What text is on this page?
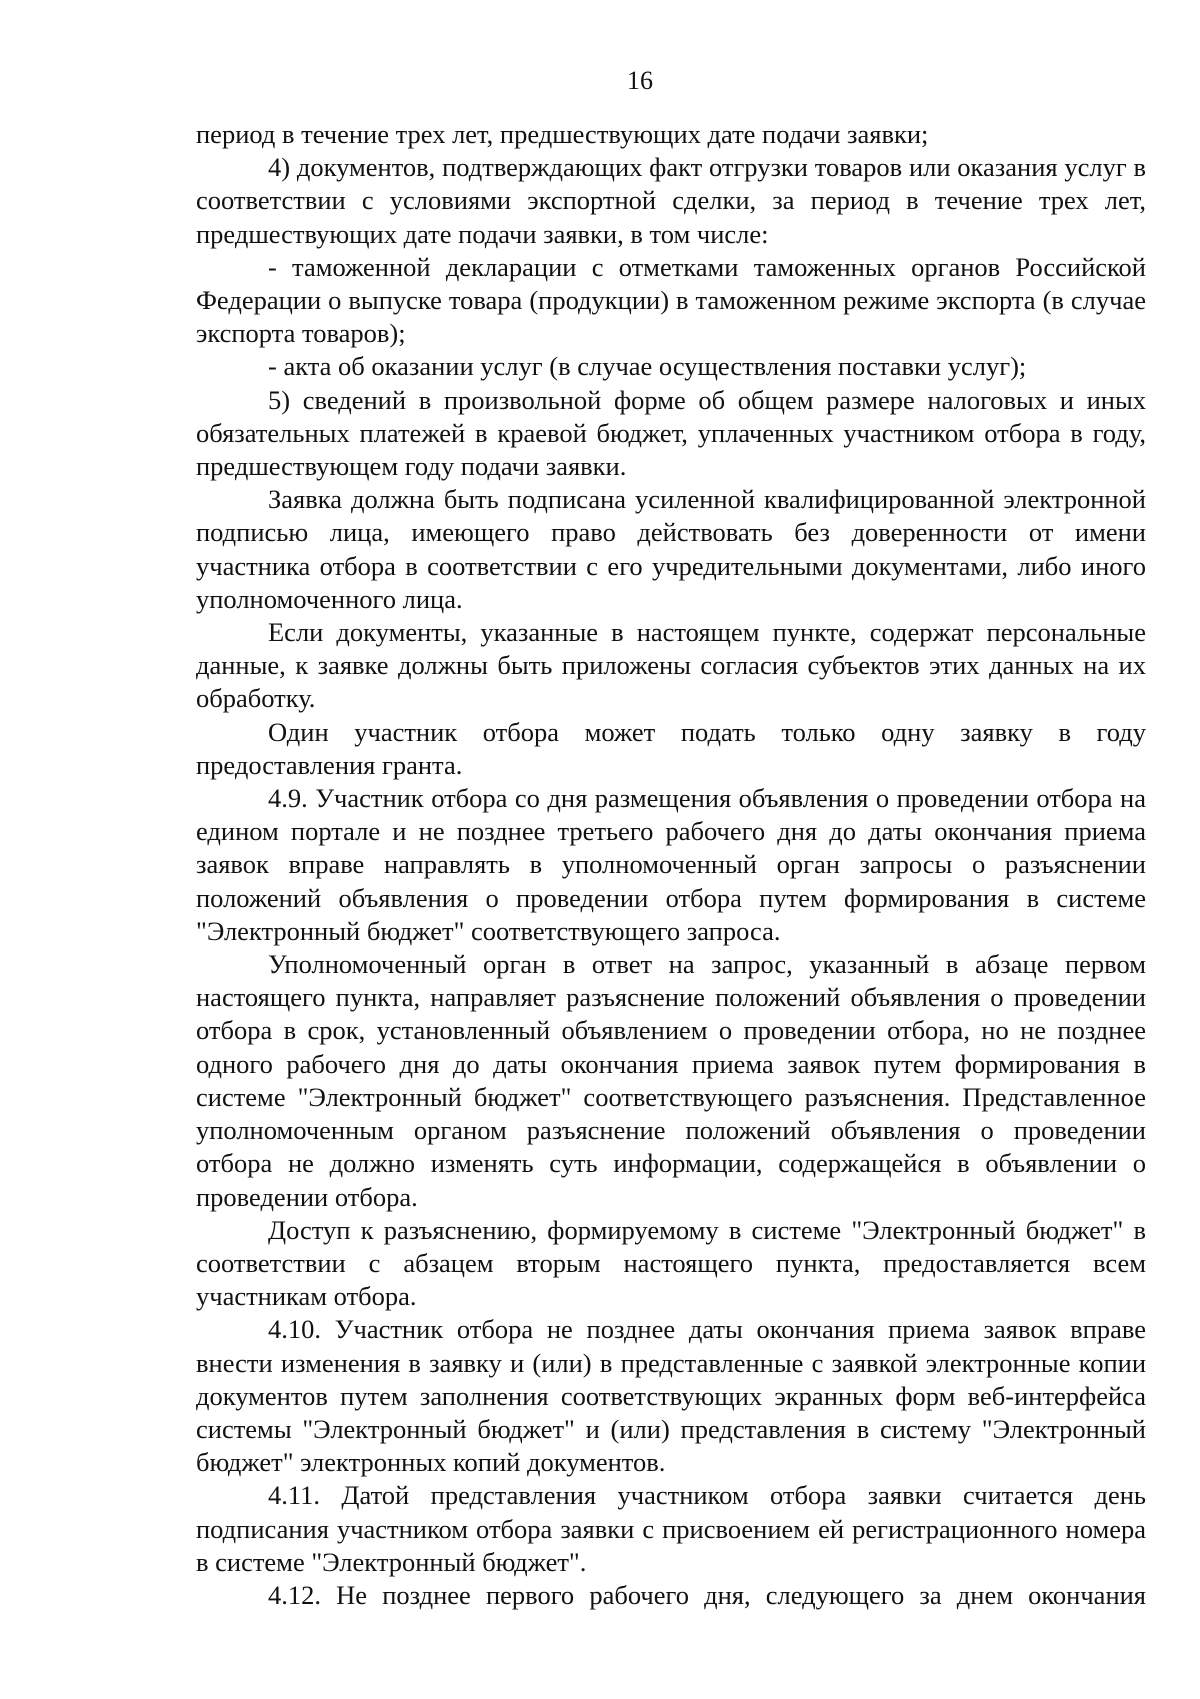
16

период в течение трех лет, предшествующих дате подачи заявки;

4) документов, подтверждающих факт отгрузки товаров или оказания услуг в соответствии с условиями экспортной сделки, за период в течение трех лет, предшествующих дате подачи заявки, в том числе:

- таможенной декларации с отметками таможенных органов Российской Федерации о выпуске товара (продукции) в таможенном режиме экспорта (в случае экспорта товаров);

- акта об оказании услуг (в случае осуществления поставки услуг);

5) сведений в произвольной форме об общем размере налоговых и иных обязательных платежей в краевой бюджет, уплаченных участником отбора в году, предшествующем году подачи заявки.

Заявка должна быть подписана усиленной квалифицированной электронной подписью лица, имеющего право действовать без доверенности от имени участника отбора в соответствии с его учредительными документами, либо иного уполномоченного лица.

Если документы, указанные в настоящем пункте, содержат персональные данные, к заявке должны быть приложены согласия субъектов этих данных на их обработку.

Один участник отбора может подать только одну заявку в году предоставления гранта.

4.9. Участник отбора со дня размещения объявления о проведении отбора на едином портале и не позднее третьего рабочего дня до даты окончания приема заявок вправе направлять в уполномоченный орган запросы о разъяснении положений объявления о проведении отбора путем формирования в системе "Электронный бюджет" соответствующего запроса.

Уполномоченный орган в ответ на запрос, указанный в абзаце первом настоящего пункта, направляет разъяснение положений объявления о проведении отбора в срок, установленный объявлением о проведении отбора, но не позднее одного рабочего дня до даты окончания приема заявок путем формирования в системе "Электронный бюджет" соответствующего разъяснения. Представленное уполномоченным органом разъяснение положений объявления о проведении отбора не должно изменять суть информации, содержащейся в объявлении о проведении отбора.

Доступ к разъяснению, формируемому в системе "Электронный бюджет" в соответствии с абзацем вторым настоящего пункта, предоставляется всем участникам отбора.

4.10. Участник отбора не позднее даты окончания приема заявок вправе внести изменения в заявку и (или) в представленные с заявкой электронные копии документов путем заполнения соответствующих экранных форм веб-интерфейса системы "Электронный бюджет" и (или) представления в систему "Электронный бюджет" электронных копий документов.

4.11. Датой представления участником отбора заявки считается день подписания участником отбора заявки с присвоением ей регистрационного номера в системе "Электронный бюджет".

4.12. Не позднее первого рабочего дня, следующего за днем окончания
